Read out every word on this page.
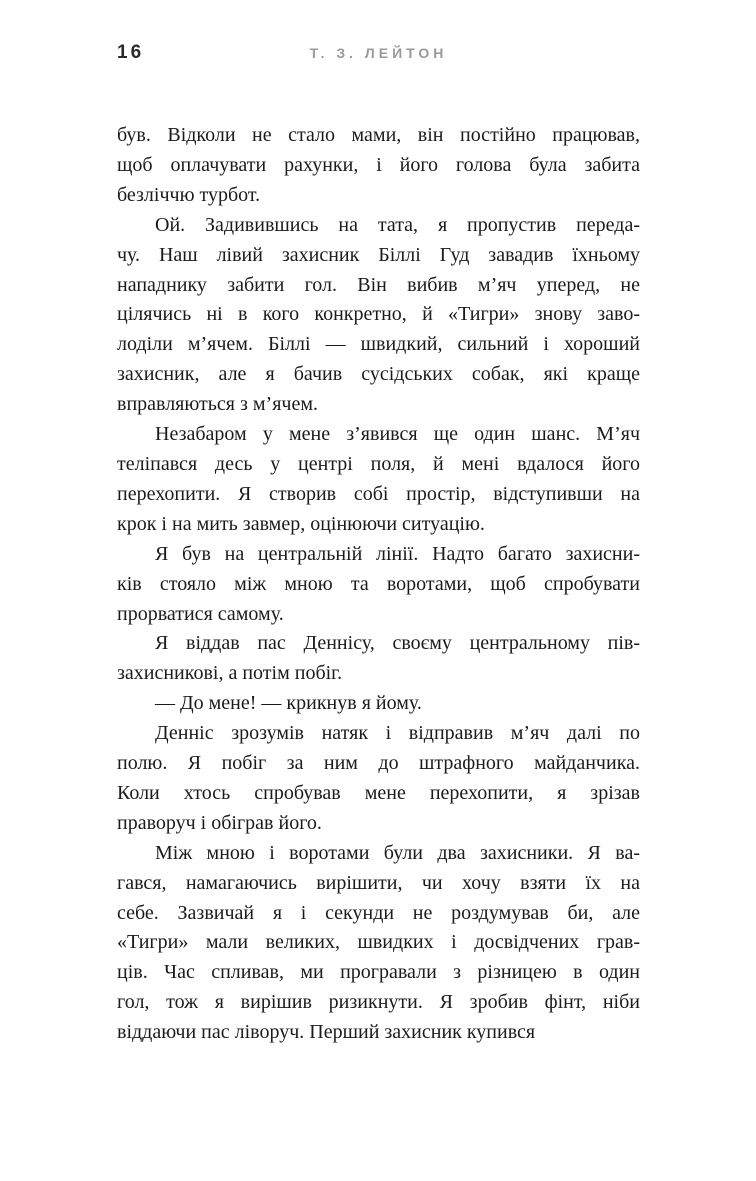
16	Т. З. ЛЕЙТОН
був. Відколи не стало мами, він постійно працював,
щоб оплачувати рахунки, і його голова була забита
безліччю турбот.
Ой. Задивившись на тата, я пропустив переда-
чу. Наш лівий захисник Біллі Гуд завадив їхньому
нападнику забити гол. Він вибив м’яч уперед, не
цілячись ні в кого конкретно, й «Тигри» знову заво-
лоділи м’ячем. Біллі — швидкий, сильний і хороший
захисник, але я бачив сусідських собак, які краще
вправляються з м’ячем.
Незабаром у мене з’явився ще один шанс. М’яч
теліпався десь у центрі поля, й мені вдалося його
перехопити. Я створив собі простір, відступивши на
крок і на мить завмер, оцінюючи ситуацію.
Я був на центральній лінії. Надто багато захисни-
ків стояло між мною та воротами, щоб спробувати
прорватися самому.
Я віддав пас Деннісу, своєму центральному пів-
захисникові, а потім побіг.
— До мене! — крикнув я йому.
Денніс зрозумів натяк і відправив м’яч далі по
полю. Я побіг за ним до штрафного майданчика.
Коли хтось спробував мене перехопити, я зрізав
праворуч і обіграв його.
Між мною і воротами були два захисники. Я ва-
гався, намагаючись вирішити, чи хочу взяти їх на
себе. Зазвичай я і секунди не роздумував би, але
«Тигри» мали великих, швидких і досвідчених грав-
ців. Час спливав, ми програвали з різницею в один
гол, тож я вирішив ризикнути. Я зробив фінт, ніби
віддаючи пас ліворуч. Перший захисник купився
